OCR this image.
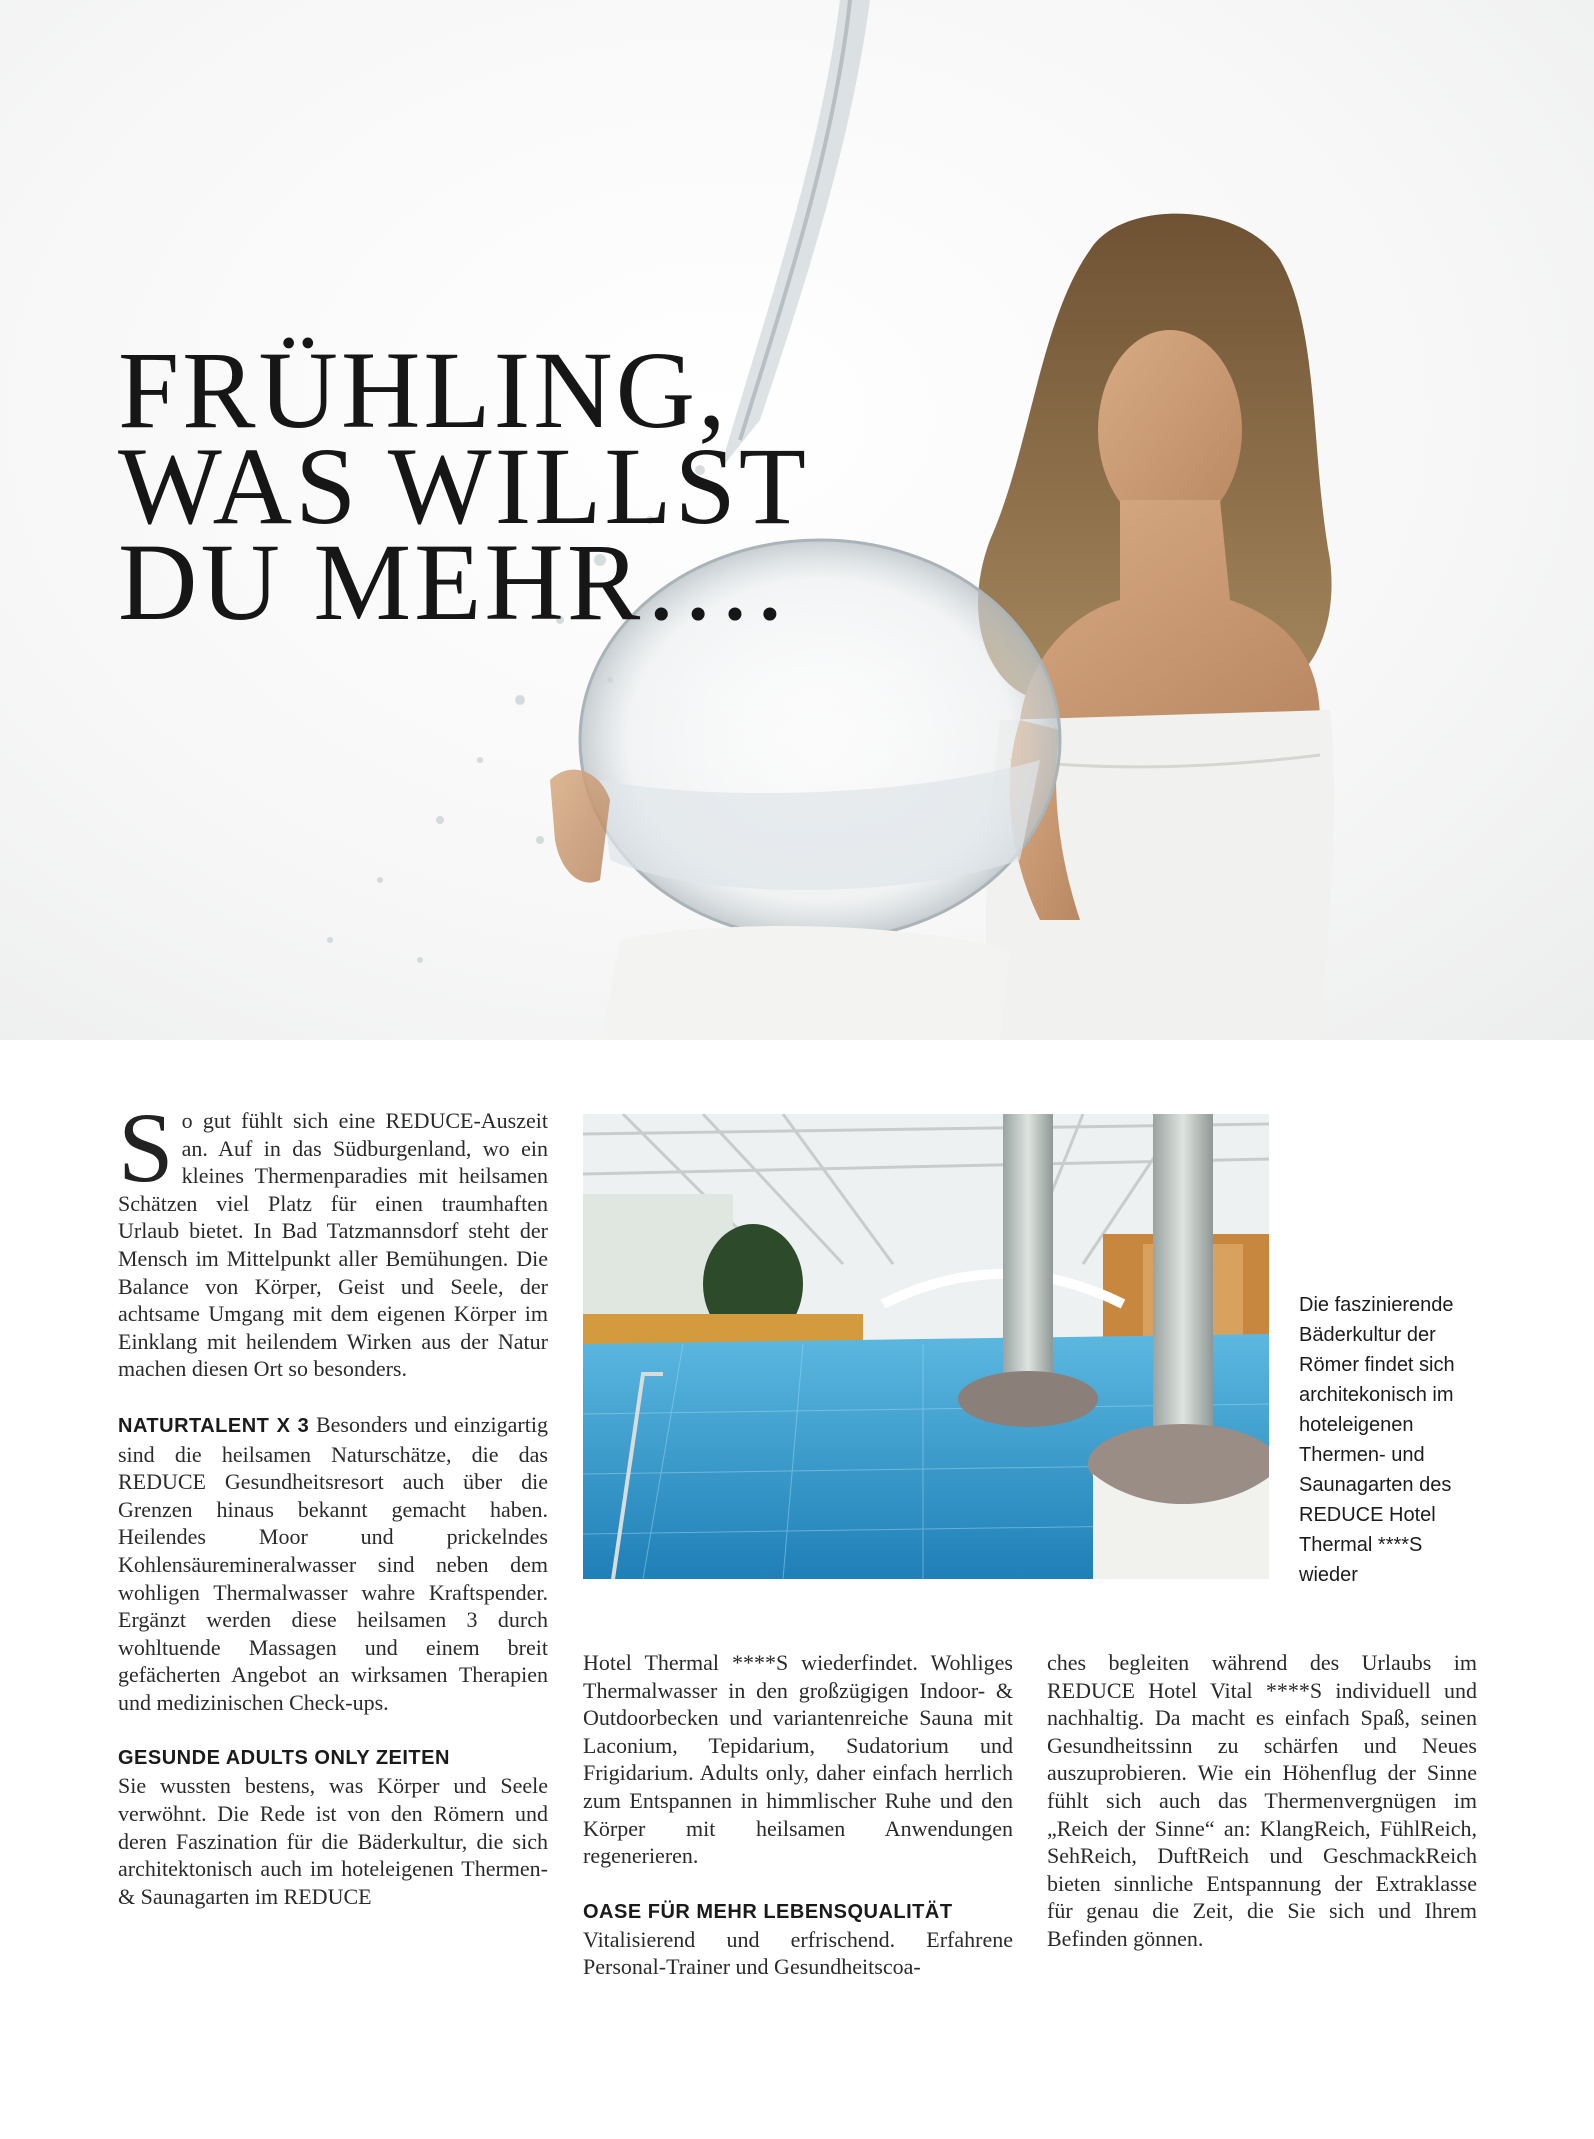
FRÜHLING,
WAS WILLST
DU MEHR….

So gut fühlt sich eine REDUCE-Auszeit an. Auf in das Südburgenland, wo ein kleines Thermenparadies mit heilsamen Schätzen viel Platz für einen traumhaften Urlaub bietet. In Bad Tatzmannsdorf steht der Mensch im Mittelpunkt aller Bemühungen. Die Balance von Körper, Geist und Seele, der achtsame Umgang mit dem eigenen Körper im Einklang mit heilendem Wirken aus der Natur machen diesen Ort so besonders.

NATURTALENT X 3 Besonders und einzigartig sind die heilsamen Naturschätze, die das REDUCE Gesundheitsresort auch über die Grenzen hinaus bekannt gemacht haben. Heilendes Moor und prickelndes Kohlensäuremineralwasser sind neben dem wohligen Thermalwasser wahre Kraftspender. Ergänzt werden diese heilsamen 3 durch wohltuende Massagen und einem breit gefächerten Angebot an wirksamen Therapien und medizinischen Check-ups.

GESUNDE ADULTS ONLY ZEITEN

Sie wussten bestens, was Körper und Seele verwöhnt. Die Rede ist von den Römern und deren Faszination für die Bäderkultur, die sich architektonisch auch im hoteleigenen Thermen- & Saunagarten im REDUCE

Die faszinierende
Bäderkultur der
Römer findet sich
architekonisch im
hoteleigenen
Thermen- und
Saunagarten des
REDUCE Hotel
Thermal ****S
wieder

Hotel Thermal ****S wiederfindet. Wohliges Thermalwasser in den großzügigen Indoor- & Outdoorbecken und variantenreiche Sauna mit Laconium, Tepidarium, Sudatorium und Frigidarium. Adults only, daher einfach herrlich zum Entspannen in himmlischer Ruhe und den Körper mit heilsamen Anwendungen regenerieren.

OASE FÜR MEHR LEBENSQUALITÄT

Vitalisierend und erfrischend. Erfahrene Personal-Trainer und Gesundheitscoa-

ches begleiten während des Urlaubs im REDUCE Hotel Vital ****S individuell und nachhaltig. Da macht es einfach Spaß, seinen Gesundheitssinn zu schärfen und Neues auszuprobieren. Wie ein Höhenflug der Sinne fühlt sich auch das Thermenvergnügen im „Reich der Sinne“ an: KlangReich, FühlReich, SehReich, DuftReich und GeschmackReich bieten sinnliche Entspannung der Extraklasse für genau die Zeit, die Sie sich und Ihrem Befinden gönnen.
